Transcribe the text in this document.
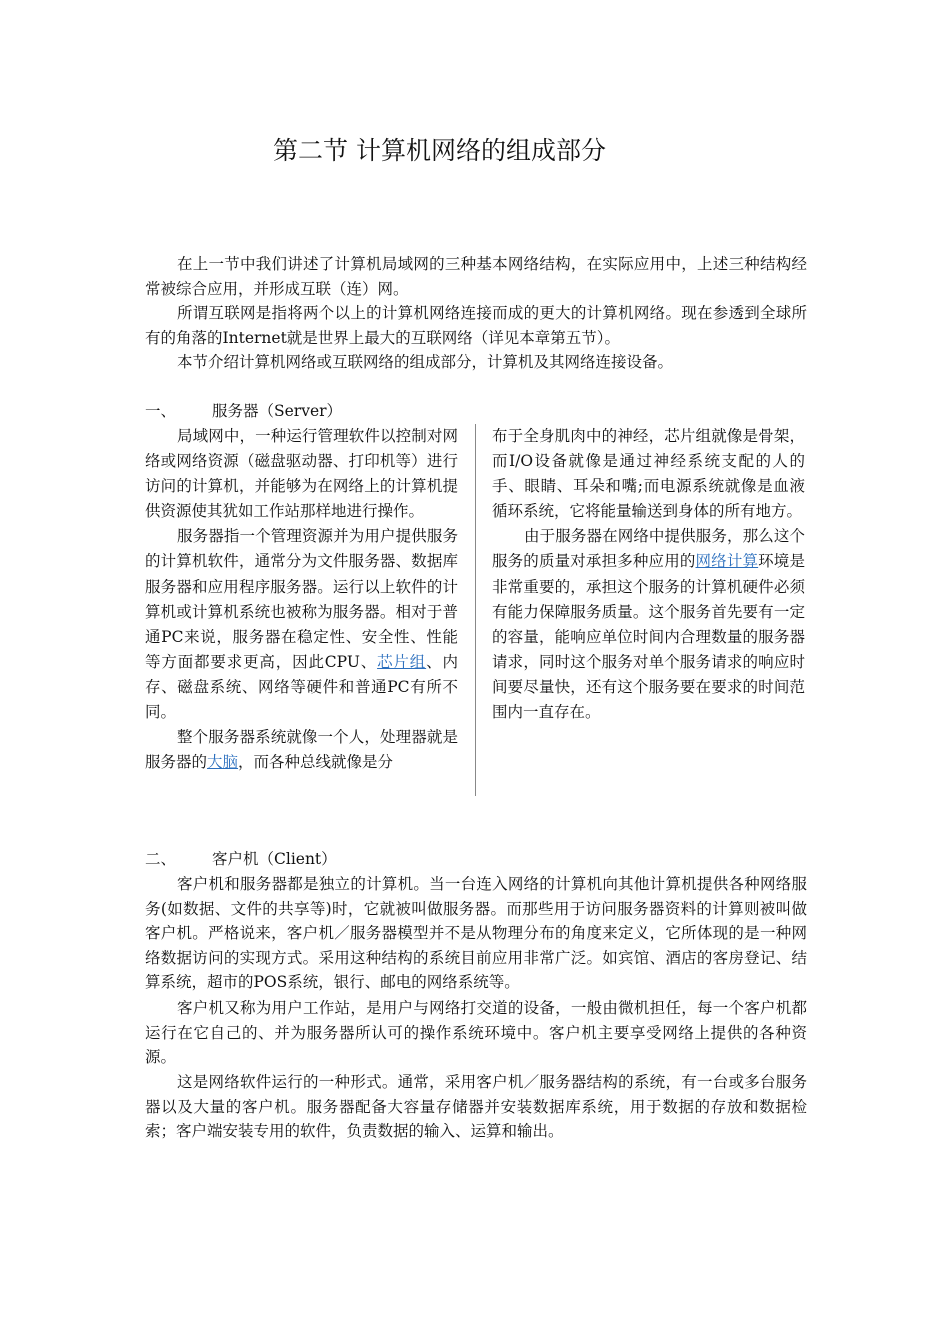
第二节 计算机网络的组成部分

在上一节中我们讲述了计算机局域网的三种基本网络结构，在实际应用中，上述三种结构经常被综合应用，并形成互联（连）网。

所谓互联网是指将两个以上的计算机网络连接而成的更大的计算机网络。现在参透到全球所有的角落的Internet就是世界上最大的互联网络（详见本章第五节）。

本节介绍计算机网络或互联网络的组成部分，计算机及其网络连接设备。

一、 服务器（Server）

局域网中，一种运行管理软件以控制对网络或网络资源（磁盘驱动器、打印机等）进行访问的计算机，并能够为在网络上的计算机提供资源使其犹如工作站那样地进行操作。

服务器指一个管理资源并为用户提供服务的计算机软件，通常分为文件服务器、数据库服务器和应用程序服务器。运行以上软件的计算机或计算机系统也被称为服务器。相对于普通PC来说，服务器在稳定性、安全性、性能等方面都要求更高，因此CPU、芯片组、内存、磁盘系统、网络等硬件和普通PC有所不同。

整个服务器系统就像一个人，处理器就是服务器的大脑，而各种总线就像是分

布于全身肌肉中的神经，芯片组就像是骨架，而I/O设备就像是通过神经系统支配的人的手、眼睛、耳朵和嘴;而电源系统就像是血液循环系统，它将能量输送到身体的所有地方。

由于服务器在网络中提供服务，那么这个服务的质量对承担多种应用的网络计算环境是非常重要的，承担这个服务的计算机硬件必须有能力保障服务质量。这个服务首先要有一定的容量，能响应单位时间内合理数量的服务器请求，同时这个服务对单个服务请求的响应时间要尽量快，还有这个服务要在要求的时间范围内一直存在。

二、 客户机（Client）

客户机和服务器都是独立的计算机。当一台连入网络的计算机向其他计算机提供各种网络服务(如数据、文件的共享等)时，它就被叫做服务器。而那些用于访问服务器资料的计算则被叫做客户机。严格说来，客户机／服务器模型并不是从物理分布的角度来定义，它所体现的是一种网络数据访问的实现方式。采用这种结构的系统目前应用非常广泛。如宾馆、酒店的客房登记、结算系统，超市的POS系统，银行、邮电的网络系统等。

客户机又称为用户工作站，是用户与网络打交道的设备，一般由微机担任，每一个客户机都运行在它自己的、并为服务器所认可的操作系统环境中。客户机主要享受网络上提供的各种资源。

这是网络软件运行的一种形式。通常，采用客户机／服务器结构的系统，有一台或多台服务器以及大量的客户机。服务器配备大容量存储器并安装数据库系统，用于数据的存放和数据检索；客户端安装专用的软件，负责数据的输入、运算和输出。
